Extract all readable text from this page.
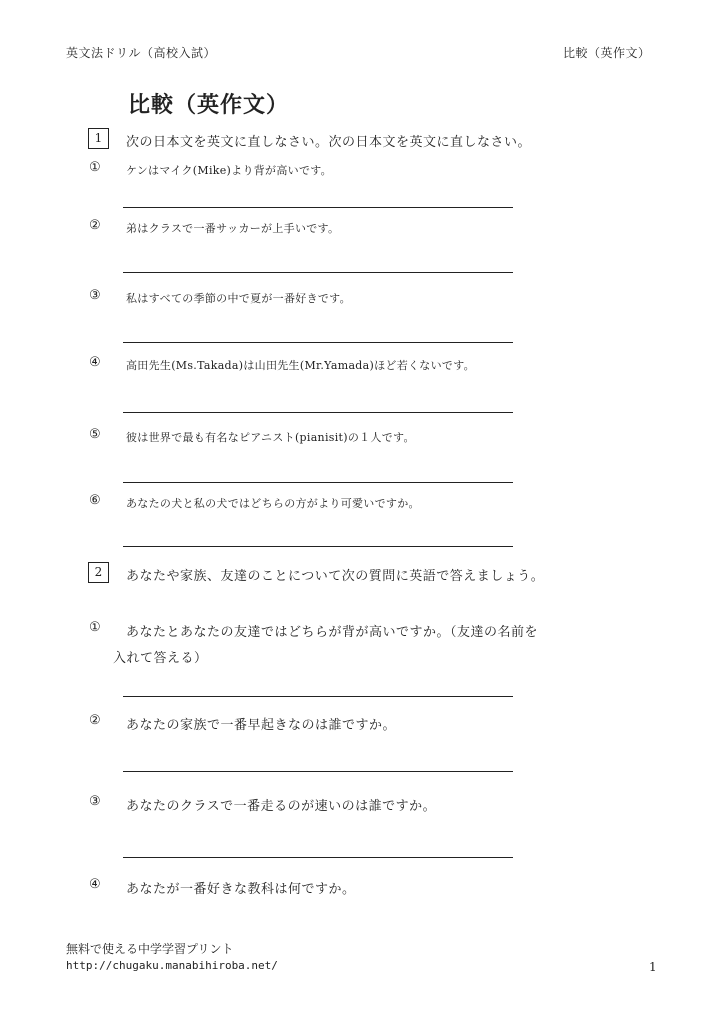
英文法ドリル（高校入試）	比較（英作文）
比較（英作文）
1	次の日本文を英文に直しなさい。次の日本文を英文に直しなさい。
① ケンはマイク(Mike)より背が高いです。
② 弟はクラスで一番サッカーが上手いです。
③ 私はすべての季節の中で夏が一番好きです。
④ 高田先生(Ms.Takada)は山田先生(Mr.Yamada)ほど若くないです。
⑤ 彼は世界で最も有名なピアニスト(pianisit)の１人です。
⑥ あなたの犬と私の犬ではどちらの方がより可愛いですか。
2	あなたや家族、友達のことについて次の質問に英語で答えましょう。
① あなたとあなたの友達ではどちらが背が高いですか。（友達の名前を
入れて答える）
② あなたの家族で一番早起きなのは誰ですか。
③ あなたのクラスで一番走るのが速いのは誰ですか。
④ あなたが一番好きな教科は何ですか。
無料で使える中学学習プリント
http://chugaku.manabihiroba.net/	1
